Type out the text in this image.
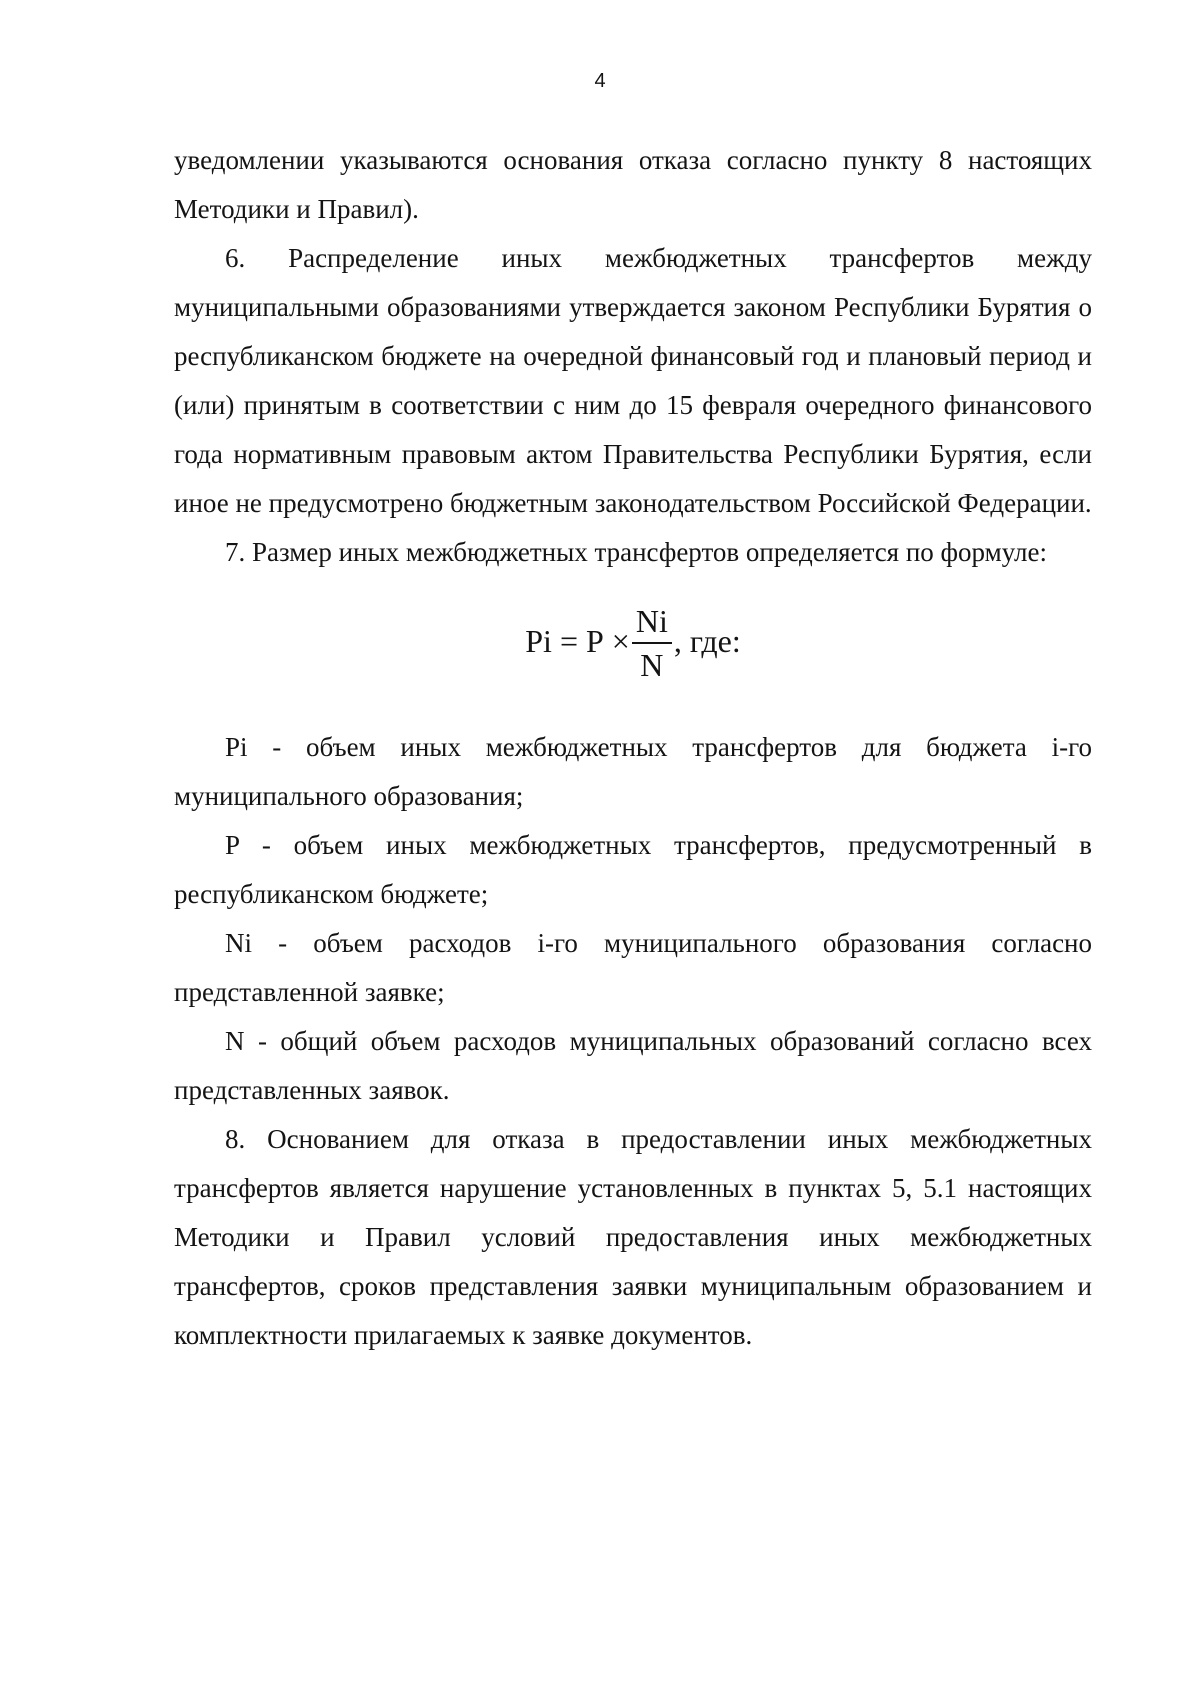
4

уведомлении указываются основания отказа согласно пункту 8 настоящих Методики и Правил).

6. Распределение иных межбюджетных трансфертов между муниципальными образованиями утверждается законом Республики Бурятия о республиканском бюджете на очередной финансовый год и плановый период и (или) принятым в соответствии с ним до 15 февраля очередного финансового года нормативным правовым актом Правительства Республики Бурятия, если иное не предусмотрено бюджетным законодательством Российской Федерации.

7. Размер иных межбюджетных трансфертов определяется по формуле:

Pi
=
P
× $\frac{Ni}{N}$ , где:

Pi - объем иных межбюджетных трансфертов для бюджета i-го муниципального образования;

P - объем иных межбюджетных трансфертов, предусмотренный в республиканском бюджете;

Ni - объем расходов i-го муниципального образования согласно представленной заявке;

N - общий объем расходов муниципальных образований согласно всех представленных заявок.

8. Основанием для отказа в предоставлении иных межбюджетных трансфертов является нарушение установленных в пунктах 5, 5.1 настоящих Методики и Правил условий предоставления иных межбюджетных трансфертов, сроков представления заявки муниципальным образованием и комплектности прилагаемых к заявке документов.
